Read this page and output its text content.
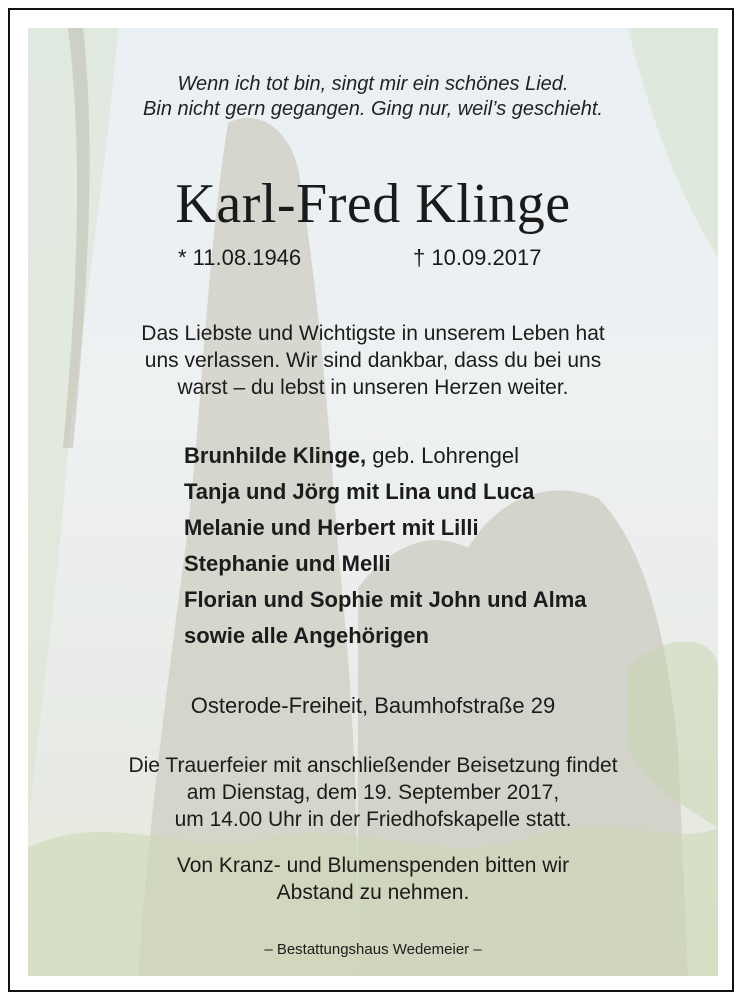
Wenn ich tot bin, singt mir ein schönes Lied.
Bin nicht gern gegangen. Ging nur, weil’s geschieht.
Karl-Fred Klinge
* 11.08.1946	† 10.09.2017
Das Liebste und Wichtigste in unserem Leben hat
uns verlassen. Wir sind dankbar, dass du bei uns
warst – du lebst in unseren Herzen weiter.
Brunhilde Klinge, geb. Lohrengel
Tanja und Jörg mit Lina und Luca
Melanie und Herbert mit Lilli
Stephanie und Melli
Florian und Sophie mit John und Alma
sowie alle Angehörigen
Osterode-Freiheit, Baumhofstraße 29
Die Trauerfeier mit anschließender Beisetzung findet
am Dienstag, dem 19. September 2017,
um 14.00 Uhr in der Friedhofskapelle statt.
Von Kranz- und Blumenspenden bitten wir
Abstand zu nehmen.
– Bestattungshaus Wedemeier –
